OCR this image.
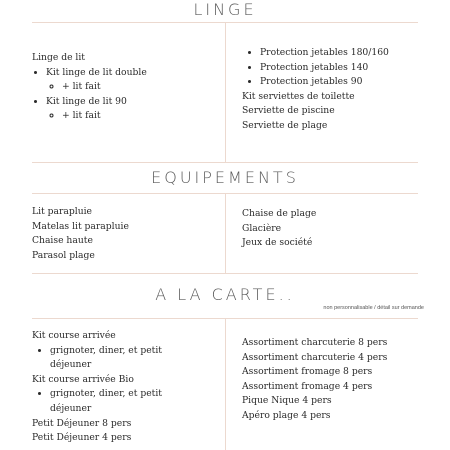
LINGE
Linge de lit
• Kit linge de lit double
◦ + lit fait
• Kit linge de lit 90
◦ + lit fait
• Protection jetables 180/160
• Protection jetables 140
• Protection jetables 90
Kit serviettes de toilette
Serviette de piscine
Serviette de plage
EQUIPEMENTS
Lit parapluie
Matelas lit parapluie
Chaise haute
Parasol plage
Chaise de plage
Glacière
Jeux de société
A LA CARTE..
non personnalisable / détail sur demande
Kit course arrivée
• grignoter, diner, et petit
déjeuner
Kit course arrivée Bio
• grignoter, diner, et petit
déjeuner
Petit Déjeuner 8 pers
Petit Déjeuner 4 pers
Assortiment charcuterie 8 pers
Assortiment charcuterie 4 pers
Assortiment fromage 8 pers
Assortiment fromage 4 pers
Pique Nique 4 pers
Apéro plage 4 pers
